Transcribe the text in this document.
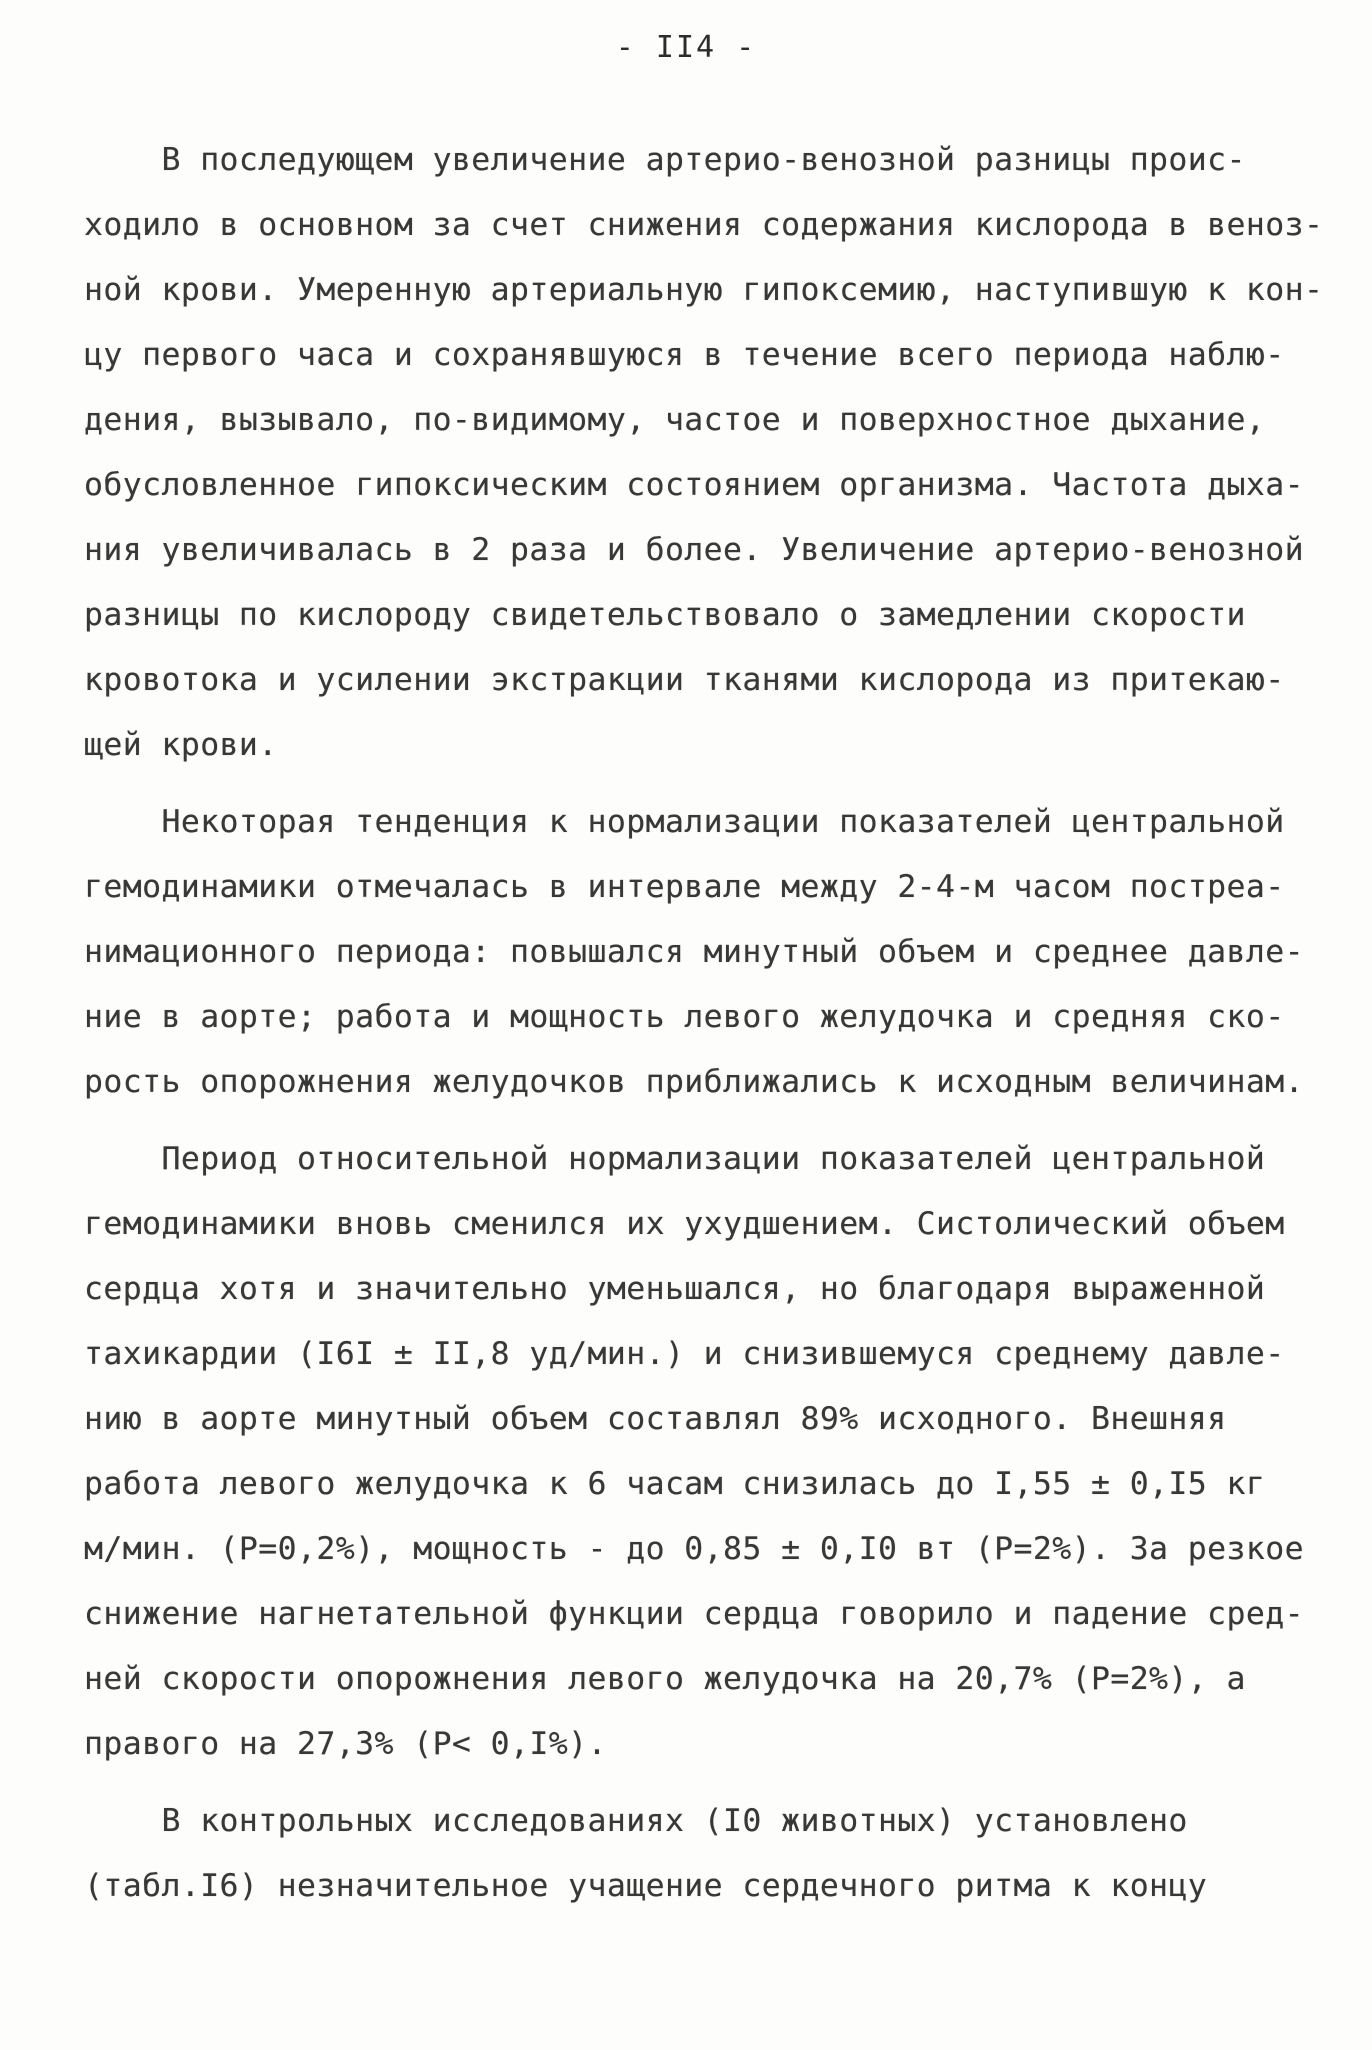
- II4 -
В последующем увеличение артерио-венозной разницы проис-
ходило в основном за счет снижения содержания кислорода в веноз-
ной крови. Умеренную артериальную гипоксемию, наступившую к кон-
цу первого часа и сохранявшуюся в течение всего периода наблю-
дения, вызывало, по-видимому, частое и поверхностное дыхание,
обусловленное гипоксическим состоянием организма. Частота дыха-
ния увеличивалась в 2 раза и более. Увеличение артерио-венозной
разницы по кислороду свидетельствовало о замедлении скорости
кровотока и усилении экстракции тканями кислорода из притекаю-
щей крови.
Некоторая тенденция к нормализации показателей центральной
гемодинамики отмечалась в интервале между 2-4-м часом постреа-
нимационного периода: повышался минутный объем и среднее давле-
ние в аорте; работа и мощность левого желудочка и средняя ско-
рость опорожнения желудочков приближались к исходным величинам.
Период относительной нормализации показателей центральной
гемодинамики вновь сменился их ухудшением. Систолический объем
сердца хотя и значительно уменьшался, но благодаря выраженной
тахикардии (I6I ± II,8 уд/мин.) и снизившемуся среднему давле-
нию в аорте минутный объем составлял 89% исходного. Внешняя
работа левого желудочка к 6 часам снизилась до I,55 ± 0,I5 кг
м/мин. (Р=0,2%), мощность - до 0,85 ± 0,I0 вт (Р=2%). За резкое
снижение нагнетательной функции сердца говорило и падение сред-
ней скорости опорожнения левого желудочка на 20,7% (Р=2%), а
правого на 27,3% (Р< 0,I%).
В контрольных исследованиях (I0 животных) установлено
(табл.I6) незначительное учащение сердечного ритма к концу
